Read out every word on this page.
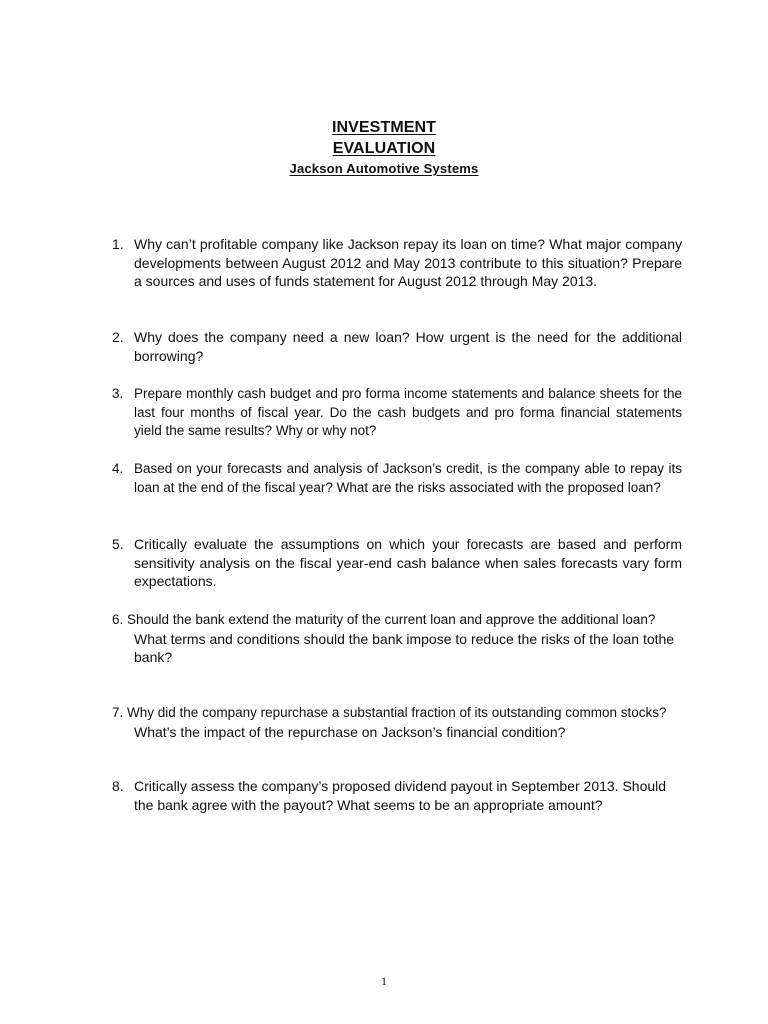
INVESTMENT
EVALUATION
Jackson Automotive Systems
1. Why can’t profitable company like Jackson repay its loan on time? What major company developments between August 2012 and May 2013 contribute to this situation? Prepare a sources and uses of funds statement for August 2012 through May 2013.
2. Why does the company need a new loan? How urgent is the need for the additional borrowing?
3. Prepare monthly cash budget and pro forma income statements and balance sheets for the last four months of fiscal year. Do the cash budgets and pro forma financial statements yield the same results? Why or why not?
4. Based on your forecasts and analysis of Jackson’s credit, is the company able to repay its loan at the end of the fiscal year? What are the risks associated with the proposed loan?
5. Critically evaluate the assumptions on which your forecasts are based and perform sensitivity analysis on the fiscal year-end cash balance when sales forecasts vary form expectations.
6. Should the bank extend the maturity of the current loan and approve the additional loan?
What terms and conditions should the bank impose to reduce the risks of the loan tothe bank?
7. Why did the company repurchase a substantial fraction of its outstanding common stocks?
What’s the impact of the repurchase on Jackson’s financial condition?
8. Critically assess the company’s proposed dividend payout in September 2013. Should the bank agree with the payout? What seems to be an appropriate amount?
1
